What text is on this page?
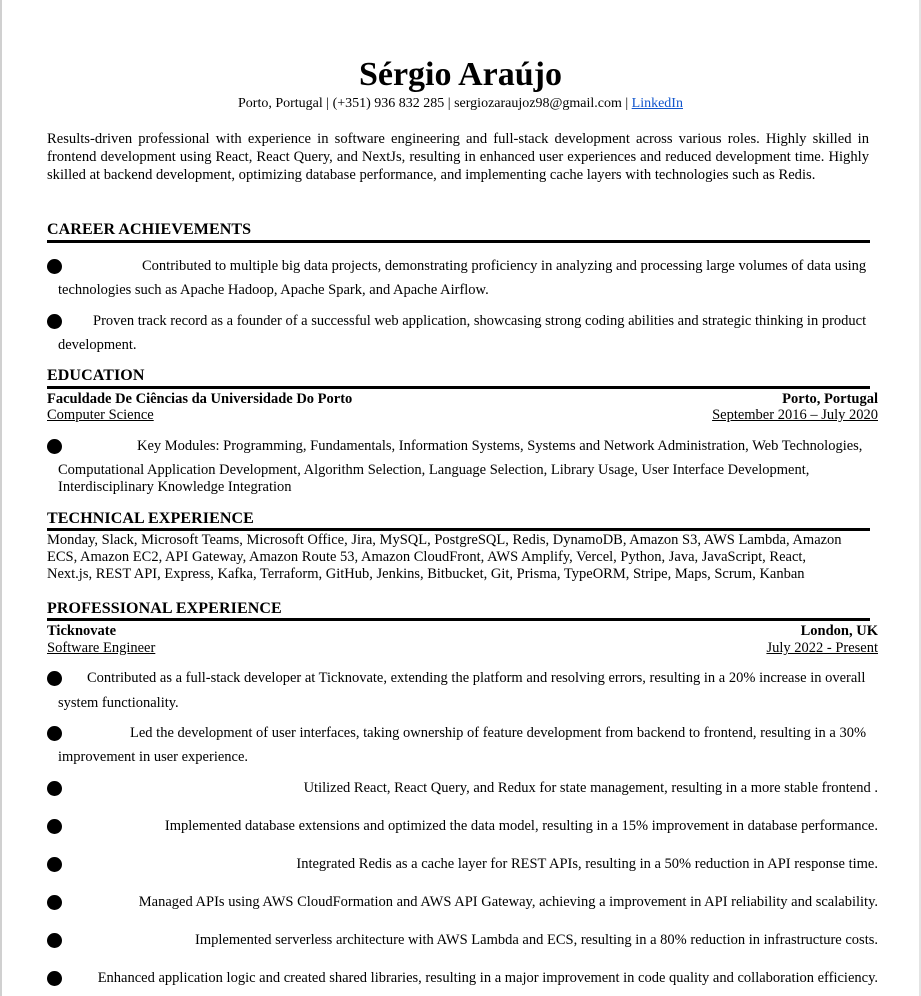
Sérgio Araújo
Porto, Portugal | (+351) 936 832 285 | sergiozaraujoz98@gmail.com | LinkedIn
Results-driven professional with experience in software engineering and full-stack development across various roles. Highly skilled in frontend development using React, React Query, and NextJs, resulting in enhanced user experiences and reduced development time. Highly skilled at backend development, optimizing database performance, and implementing cache layers with technologies such as Redis.
CAREER ACHIEVEMENTS
Contributed to multiple big data projects, demonstrating proficiency in analyzing and processing large volumes of data using
technologies such as Apache Hadoop, Apache Spark, and Apache Airflow.
Proven track record as a founder of a successful web application, showcasing strong coding abilities and strategic thinking in product
development.
EDUCATION
Faculdade De Ciências da Universidade Do Porto	Porto, Portugal
Computer Science	September 2016 – July 2020
Key Modules: Programming, Fundamentals, Information Systems, Systems and Network Administration, Web Technologies,
Computational Application Development, Algorithm Selection, Language Selection, Library Usage, User Interface Development,
Interdisciplinary Knowledge Integration
TECHNICAL EXPERIENCE
Monday, Slack, Microsoft Teams, Microsoft Office, Jira, MySQL, PostgreSQL, Redis, DynamoDB, Amazon S3, AWS Lambda, Amazon
ECS, Amazon EC2, API Gateway, Amazon Route 53, Amazon CloudFront, AWS Amplify, Vercel, Python, Java, JavaScript, React,
Next.js, REST API, Express, Kafka, Terraform, GitHub, Jenkins, Bitbucket, Git, Prisma, TypeORM, Stripe, Maps, Scrum, Kanban
PROFESSIONAL EXPERIENCE
Ticknovate	London, UK
Software Engineer	July 2022 - Present
Contributed as a full-stack developer at Ticknovate, extending the platform and resolving errors, resulting in a 20% increase in overall
system functionality.
Led the development of user interfaces, taking ownership of feature development from backend to frontend, resulting in a 30%
improvement in user experience.
Utilized React, React Query, and Redux for state management, resulting in a more stable frontend .
Implemented database extensions and optimized the data model, resulting in a 15% improvement in database performance.
Integrated Redis as a cache layer for REST APIs, resulting in a 50% reduction in API response time.
Managed APIs using AWS CloudFormation and AWS API Gateway, achieving a improvement in API reliability and scalability.
Implemented serverless architecture with AWS Lambda and ECS, resulting in a 80% reduction in infrastructure costs.
Enhanced application logic and created shared libraries, resulting in a major improvement in code quality and collaboration efficiency.
